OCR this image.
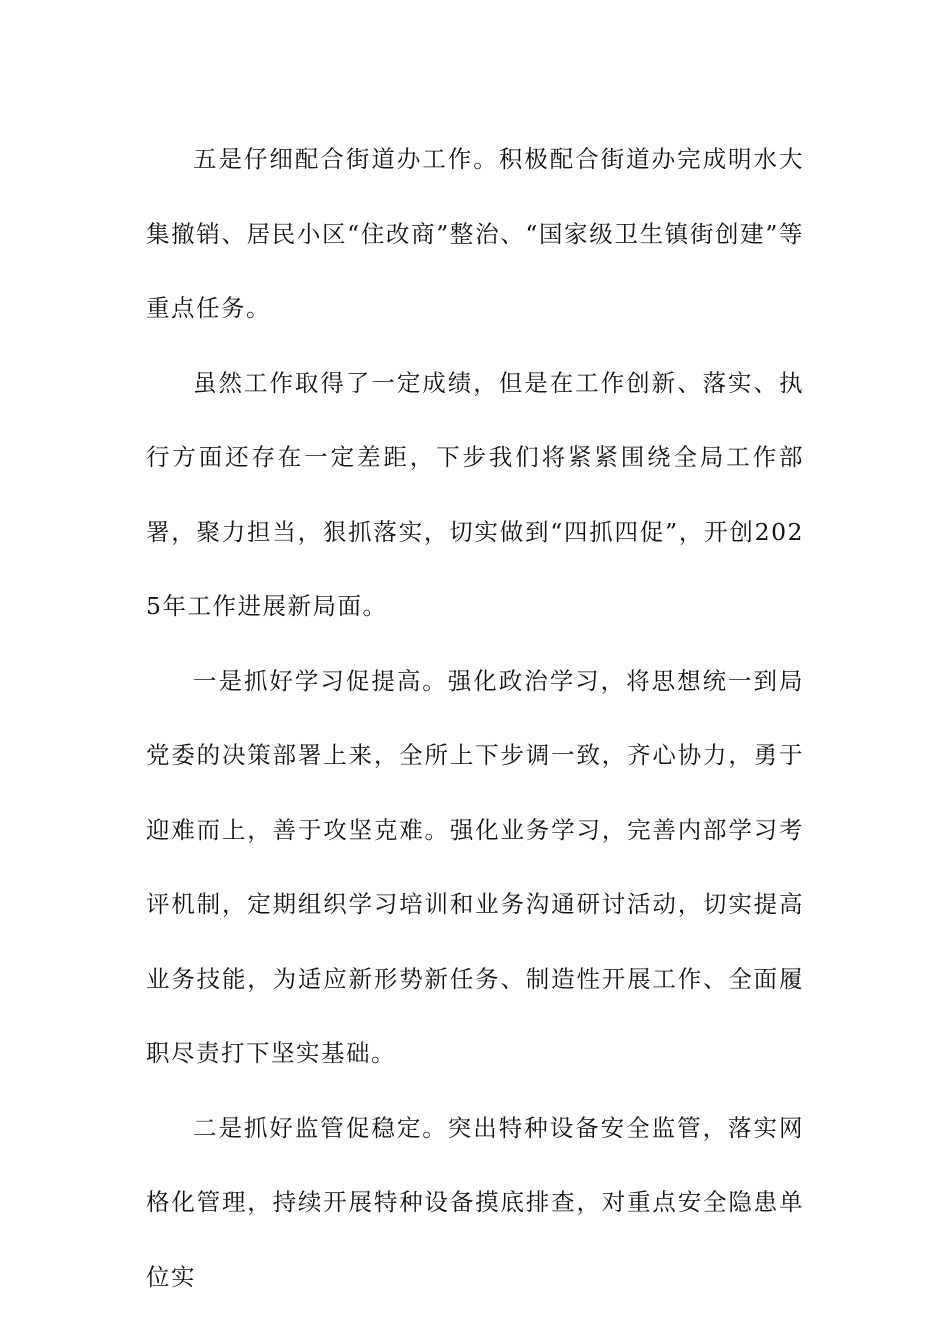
五是仔细配合街道办工作。积极配合街道办完成明水大集撤销、居民小区“住改商”整治、“国家级卫生镇街创建”等重点任务。

虽然工作取得了一定成绩，但是在工作创新、落实、执行方面还存在一定差距，下步我们将紧紧围绕全局工作部署，聚力担当，狠抓落实，切实做到“四抓四促”，开创2025年工作进展新局面。

一是抓好学习促提高。强化政治学习，将思想统一到局党委的决策部署上来，全所上下步调一致，齐心协力，勇于迎难而上，善于攻坚克难。强化业务学习，完善内部学习考评机制，定期组织学习培训和业务沟通研讨活动，切实提高业务技能，为适应新形势新任务、制造性开展工作、全面履职尽责打下坚实基础。

二是抓好监管促稳定。突出特种设备安全监管，落实网格化管理，持续开展特种设备摸底排查，对重点安全隐患单位实
